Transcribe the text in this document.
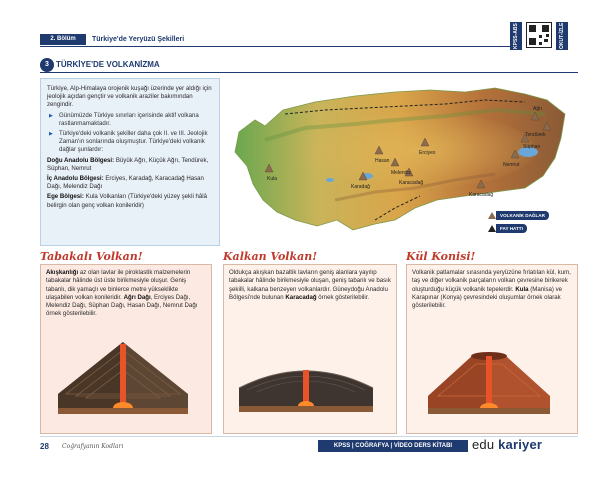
2. Bölüm	Türkiye'de Yeryüzü Şekilleri	KPSS-ABS	OKUT-İZLE
3 TÜRKİYE'DE VOLKANİZMA

Türkiye, Alp-Himalaya orojenik kuşağı üzerinde yer aldığı için jeolojik açıdan gençtir ve volkanik araziler bakımından zengindir.

▶ Günümüzde Türkiye sınırları içerisinde aktif volkana rastlanmamaktadır.

▶ Türkiye'deki volkanik şekiller daha çok II. ve III. Jeolojik Zaman'ın sonlarında oluşmuştur. Türkiye'deki volkanik dağlar şunlardır:

Doğu Anadolu Bölgesi: Büyük Ağrı, Küçük Ağrı, Tendürek, Süphan, Nemrut

İç Anadolu Bölgesi: Erciyes, Karadağ, Karacadağ Hasan Dağı, Melendiz Dağı

Ege Bölgesi: Kula Volkanları (Türkiye'deki yüzey şekli hâlâ belirgin olan genç volkan konileridir)

Kula
Hasan
Melendiz
Karadağ
Karacadağ
Erciyes
Karacadağ
Nemrut
Süphan
Tendürek
Ağrı
VOLKANİK DAĞLAR
FAY HATTI
Tabakalı Volkan!
Akışkanlığı az olan lavlar ile piroklastik malzemelerin tabakalar hâlinde üst üste birikmesiyle oluşur. Geniş tabanlı, dik yamaçlı ve binlerce metre yükseklikte ulaşabilen volkan konileridir. Ağrı Dağı, Erciyes Dağı, Melendiz Dağı, Süphan Dağı, Hasan Dağı, Nemrut Dağı örnek gösterilebilir.
Kalkan Volkan!
Oldukça akışkan bazaltik lavların geniş alanlara yayılıp tabakalar hâlinde birikmesiyle oluşan, geniş tabanlı ve basık şekilli, kalkana benzeyen volkanlardır. Güneydoğu Anadolu Bölgesi'nde bulunan Karacadağ örnek gösterilebilir.
Kül Konisi!
Volkanik patlamalar sırasında yeryüzüne fırlatılan kül, kum, taş ve diğer volkanik parçaların volkan çevresine birikerek oluşturduğu küçük volkanik tepelerdir. Kula (Manisa) ve Karapınar (Konya) çevresindeki oluşumlar örnek olarak gösterilebilir.
28 Coğrafyanın Kodları	KPSS | COĞRAFYA | VİDEO DERS KİTABI	edu kariyer
